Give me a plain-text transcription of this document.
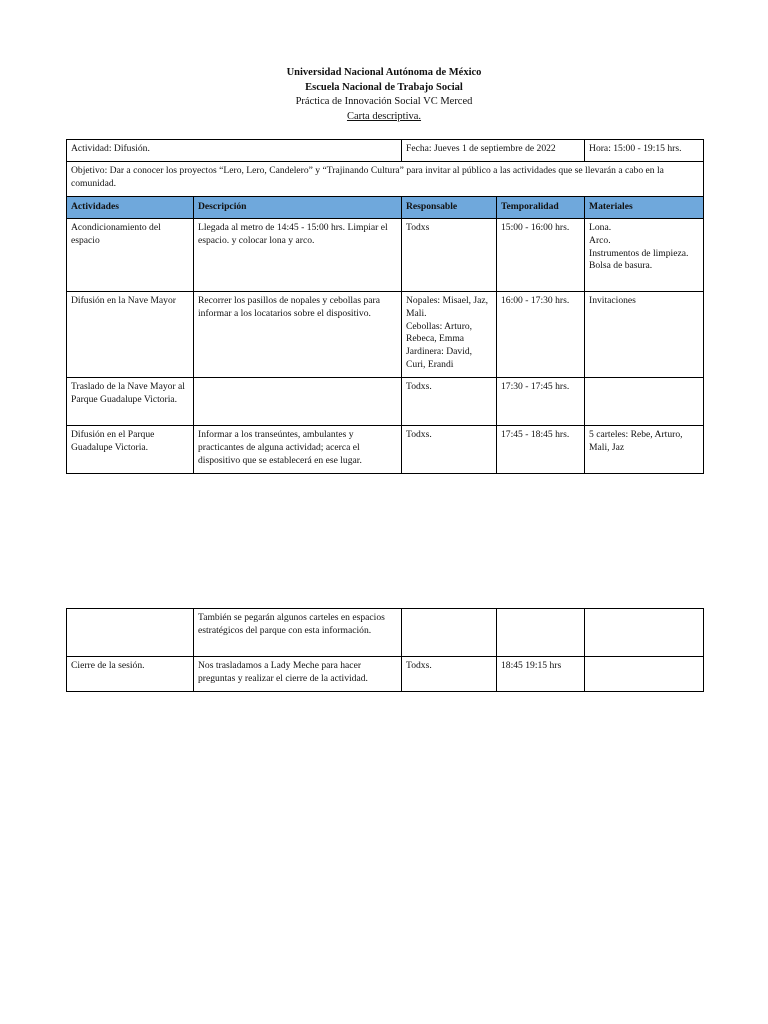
Universidad Nacional Autónoma de México
Escuela Nacional de Trabajo Social
Práctica de Innovación Social VC Merced
Carta descriptiva.
Actividad: Difusión.		Fecha: Jueves 1 de septiembre de 2022		Hora: 15:00 - 19:15 hrs.
Objetivo: Dar a conocer los proyectos “Lero, Lero, Candelero” y “Trajinando Cultura” para invitar al público a las actividades que se llevarán a cabo en la comunidad.				
Actividades	Descripción	Responsable	Temporalidad	Materiales
Acondicionamiento del espacio	Llegada al metro de 14:45 - 15:00 hrs. Limpiar el espacio. y colocar lona y arco.	Todxs	15:00 - 16:00 hrs.	Lona.
Arco.
Instrumentos de limpieza.
Bolsa de basura.

Difusión en la Nave Mayor	Recorrer los pasillos de nopales y cebollas para informar a los locatarios sobre el dispositivo.	Nopales: Misael, Jaz, Mali.
Cebollas: Arturo, Rebeca, Emma
Jardinera: David, Curi, Erandi	16:00 - 17:30 hrs.	Invitaciones

Traslado de la Nave Mayor al Parque Guadalupe Victoria.		Todxs.	17:30 - 17:45 hrs.	
Difusión en el Parque Guadalupe Victoria.	Informar a los transeúntes, ambulantes y practicantes de alguna actividad; acerca el dispositivo que se establecerá en ese lugar.	Todxs.	17:45 - 18:45 hrs.	5 carteles: Rebe, Arturo, Mali, Jaz
	También se pegarán algunos carteles en espacios estratégicos del parque con esta información.			
Cierre de la sesión.	Nos trasladamos a Lady Meche para hacer preguntas y realizar el cierre de la actividad.	Todxs.	18:45 19:15 hrs	
